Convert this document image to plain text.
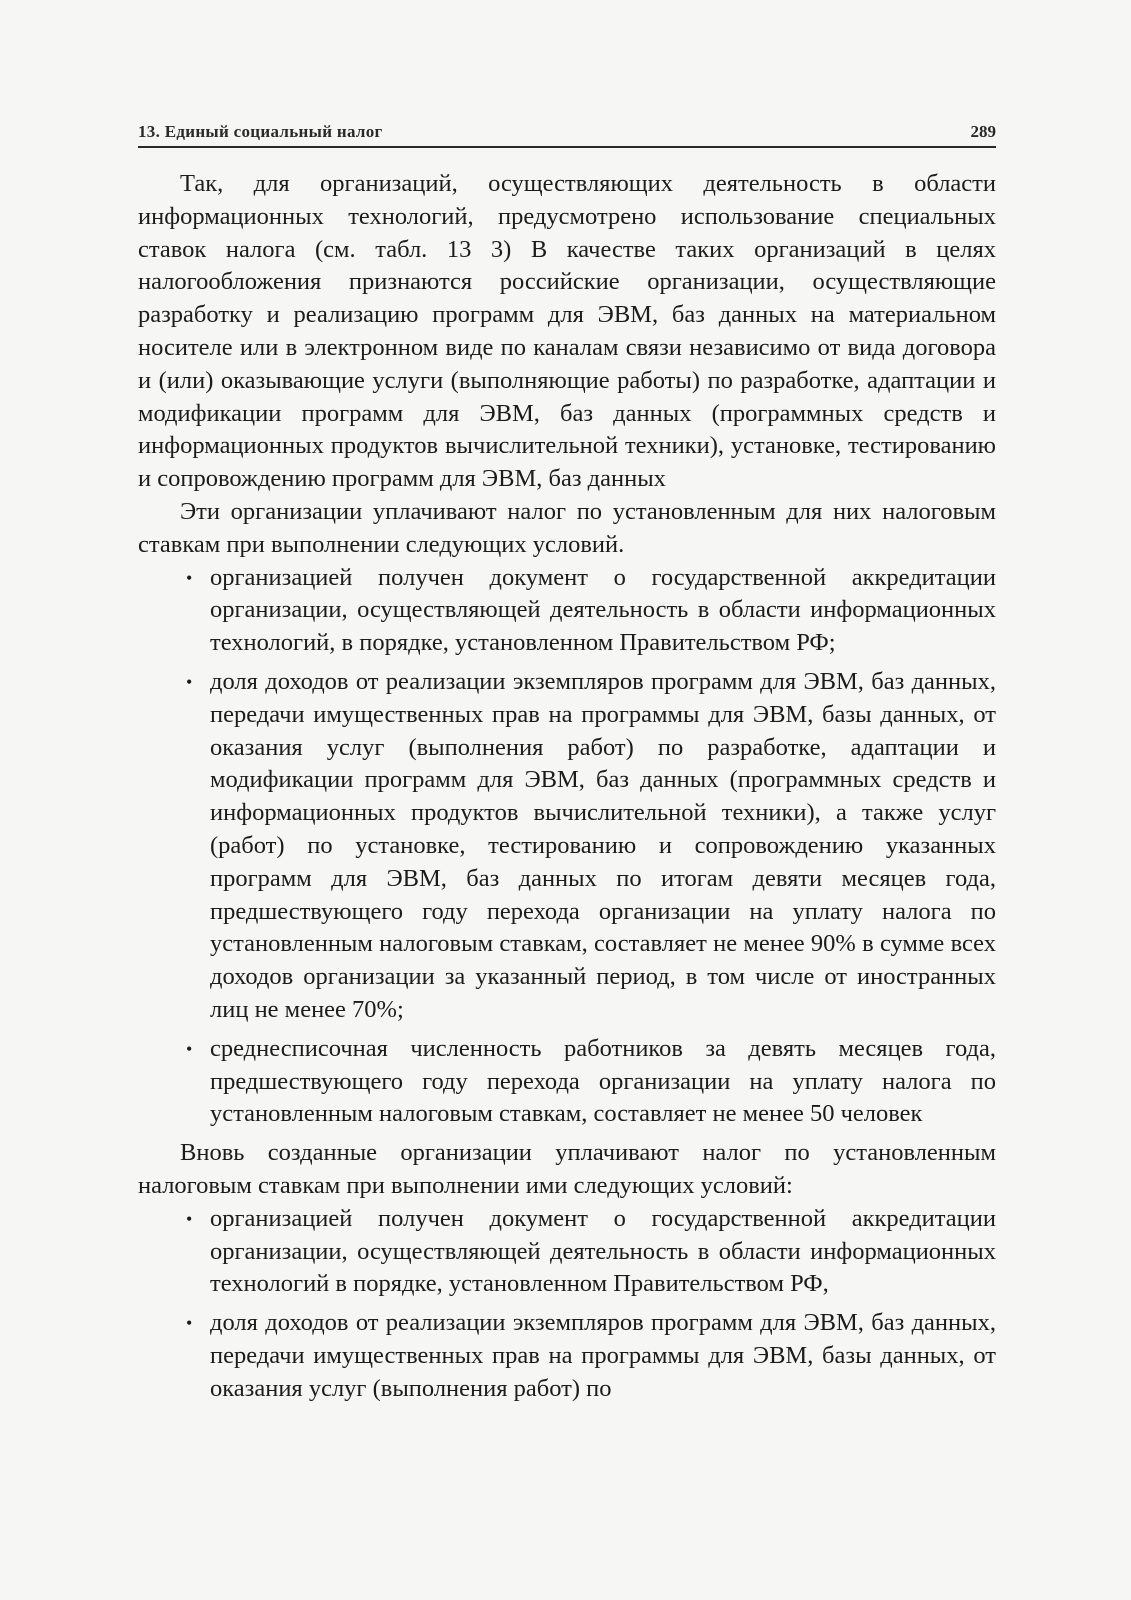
13. Единый социальный налог	289

Так, для организаций, осуществляющих деятельность в области информационных технологий, предусмотрено использование специальных ставок налога (см. табл. 13 3) В качестве таких организаций в целях налогообложения признаются российские организации, осуществляющие разработку и реализацию программ для ЭВМ, баз данных на материальном носителе или в электронном виде по каналам связи независимо от вида договора и (или) оказывающие услуги (выполняющие работы) по разработке, адаптации и модификации программ для ЭВМ, баз данных (программных средств и информационных продуктов вычислительной техники), установке, тестированию и сопровождению программ для ЭВМ, баз данных

Эти организации уплачивают налог по установленным для них налоговым ставкам при выполнении следующих условий.

• организацией получен документ о государственной аккредитации организации, осуществляющей деятельность в области информационных технологий, в порядке, установленном Правительством РФ;
• доля доходов от реализации экземпляров программ для ЭВМ, баз данных, передачи имущественных прав на программы для ЭВМ, базы данных, от оказания услуг (выполнения работ) по разработке, адаптации и модификации программ для ЭВМ, баз данных (программных средств и информационных продуктов вычислительной техники), а также услуг (работ) по установке, тестированию и сопровождению указанных программ для ЭВМ, баз данных по итогам девяти месяцев года, предшествующего году перехода организации на уплату налога по установленным налоговым ставкам, составляет не менее 90% в сумме всех доходов организации за указанный период, в том числе от иностранных лиц не менее 70%;
• среднесписочная численность работников за девять месяцев года, предшествующего году перехода организации на уплату налога по установленным налоговым ставкам, составляет не менее 50 человек

Вновь созданные организации уплачивают налог по установленным налоговым ставкам при выполнении ими следующих условий:

• организацией получен документ о государственной аккредитации организации, осуществляющей деятельность в области информационных технологий в порядке, установленном Правительством РФ,
• доля доходов от реализации экземпляров программ для ЭВМ, баз данных, передачи имущественных прав на программы для ЭВМ, базы данных, от оказания услуг (выполнения работ) по
